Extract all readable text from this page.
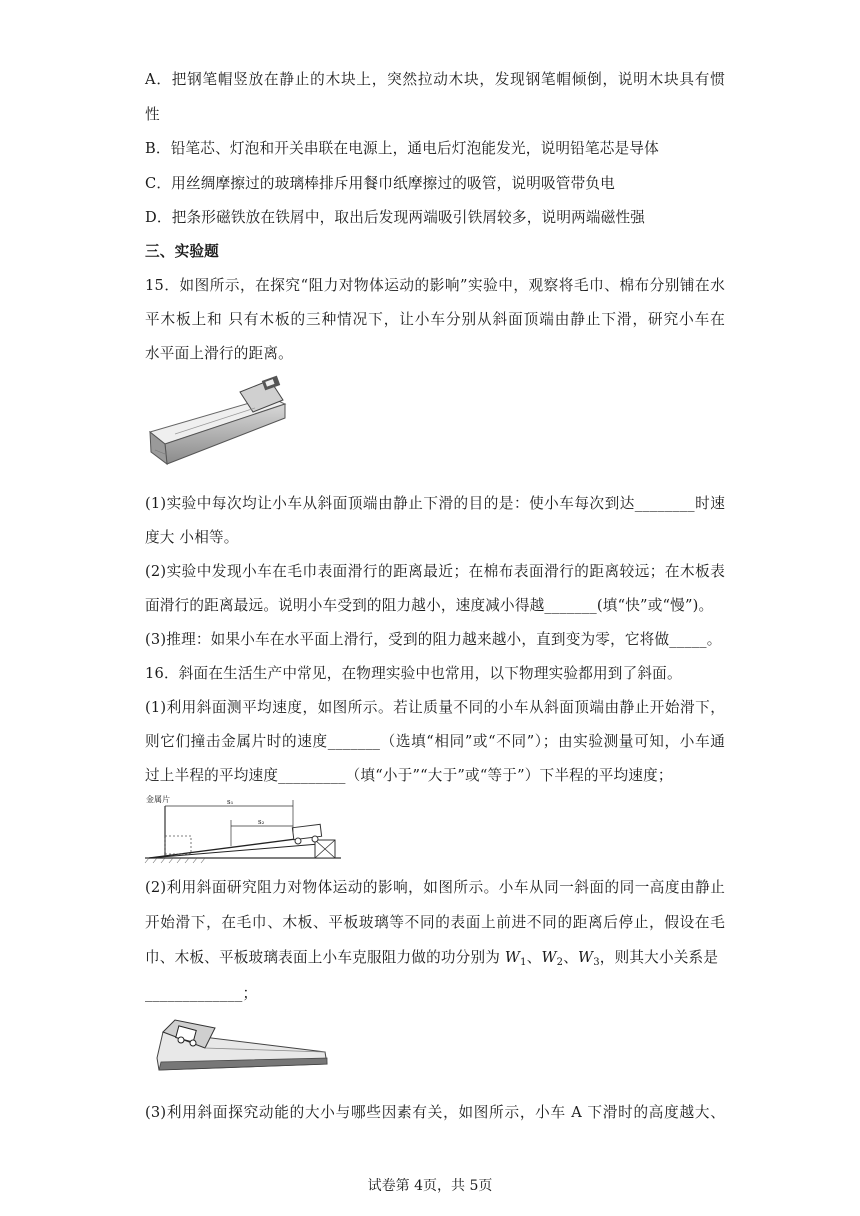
A．把钢笔帽竖放在静止的木块上，突然拉动木块，发现钢笔帽倾倒，说明木块具有惯
性
B．铅笔芯、灯泡和开关串联在电源上，通电后灯泡能发光，说明铅笔芯是导体
C．用丝绸摩擦过的玻璃棒排斥用餐巾纸摩擦过的吸管，说明吸管带负电
D．把条形磁铁放在铁屑中，取出后发现两端吸引铁屑较多，说明两端磁性强
三、实验题
15．如图所示，在探究“阻力对物体运动的影响”实验中，观察将毛巾、棉布分别铺在水
平木板上和 只有木板的三种情况下，让小车分别从斜面顶端由静止下滑，研究小车在
水平面上滑行的距离。
(1)实验中每次均让小车从斜面顶端由静止下滑的目的是：使小车每次到达________时速
度大 小相等。
(2)实验中发现小车在毛巾表面滑行的距离最近；在棉布表面滑行的距离较远；在木板表
面滑行的距离最远。说明小车受到的阻力越小，速度减小得越_______(填“快”或“慢”)。
(3)推理：如果小车在水平面上滑行，受到的阻力越来越小，直到变为零，它将做_____。
16．斜面在生活生产中常见，在物理实验中也常用，以下物理实验都用到了斜面。
(1)利用斜面测平均速度，如图所示。若让质量不同的小车从斜面顶端由静止开始滑下，
则它们撞击金属片时的速度_______（选填“相同”或“不同”）；由实验测量可知，小车通
过上半程的平均速度_________（填“小于”“大于”或“等于”）下半程的平均速度；
金属片	s₁
s₂
(2)利用斜面研究阻力对物体运动的影响，如图所示。小车从同一斜面的同一高度由静止
开始滑下，在毛巾、木板、平板玻璃等不同的表面上前进不同的距离后停止，假设在毛
巾、木板、平板玻璃表面上小车克服阻力做的功分别为 $W_1$、$W_2$、$W_3$，则其大小关系是
_____________；
(3)利用斜面探究动能的大小与哪些因素有关，如图所示，小车 A 下滑时的高度越大、
试卷第 4页，共 5页
